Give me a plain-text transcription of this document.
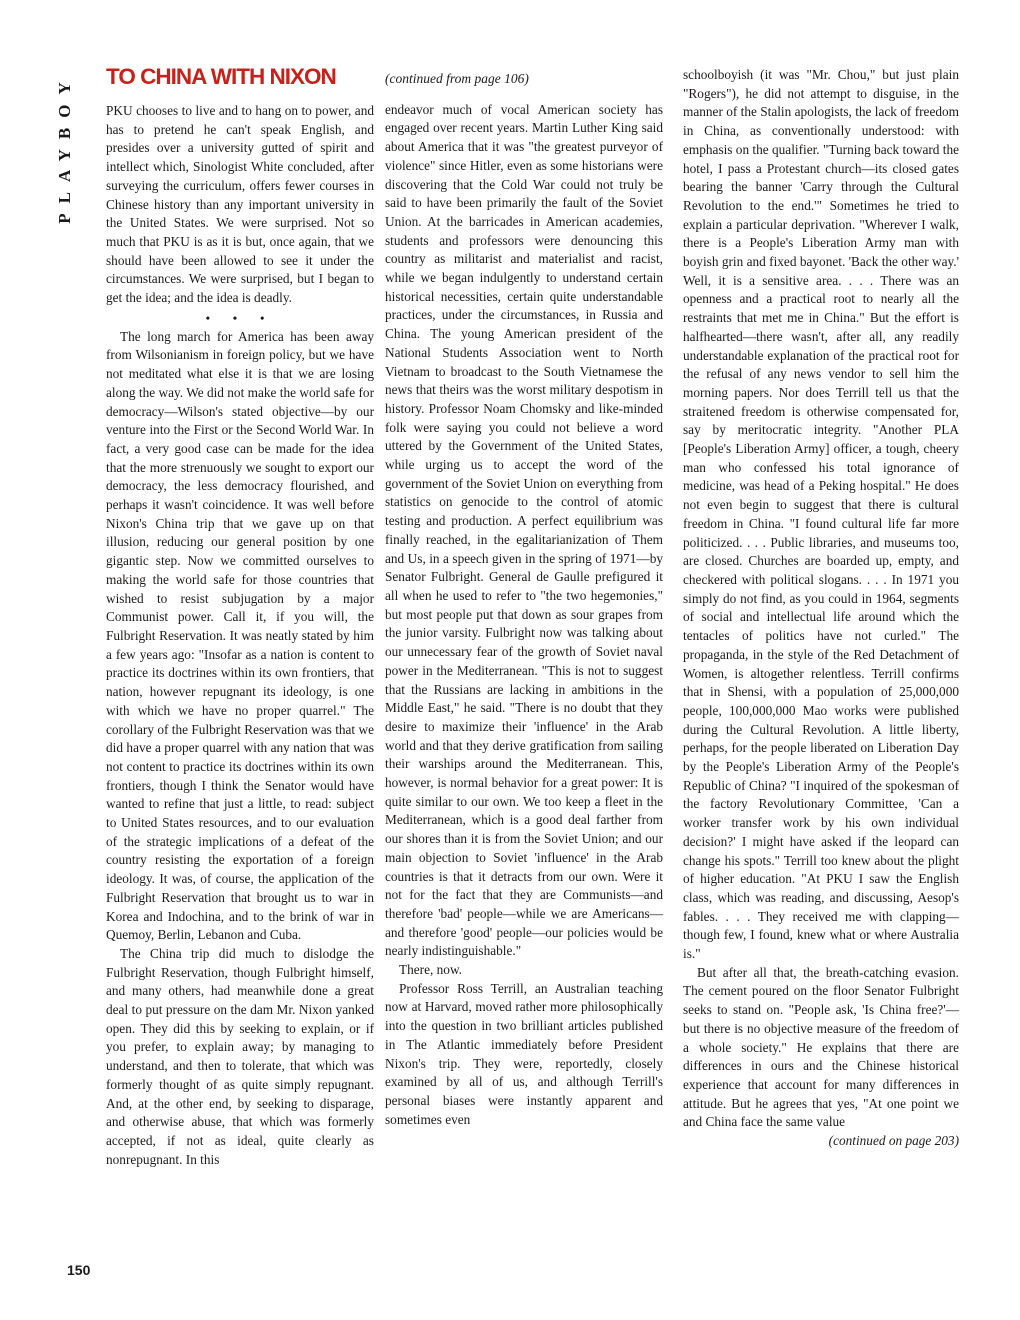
PLAYBOY TO CHINA WITH NIXON

PKU chooses to live and to hang on to power, and has to pretend he can't speak English, and presides over a university gutted of spirit and intellect which, Sinologist White concluded, after surveying the curriculum, offers fewer courses in Chinese history than any important university in the United States. We were surprised. Not so much that PKU is as it is but, once again, that we should have been allowed to see it under the circumstances. We were surprised, but I began to get the idea; and the idea is deadly.

• • •

The long march for America has been away from Wilsonianism in foreign policy, but we have not meditated what else it is that we are losing along the way. We did not make the world safe for democracy—Wilson's stated objective—by our venture into the First or the Second World War. In fact, a very good case can be made for the idea that the more strenuously we sought to export our democracy, the less democracy flourished, and perhaps it wasn't coincidence. It was well before Nixon's China trip that we gave up on that illusion, reducing our general position by one gigantic step. Now we committed ourselves to making the world safe for those countries that wished to resist subjugation by a major Communist power. Call it, if you will, the Fulbright Reservation. It was neatly stated by him a few years ago: "Insofar as a nation is content to practice its doctrines within its own frontiers, that nation, however repugnant its ideology, is one with which we have no proper quarrel." The corollary of the Fulbright Reservation was that we did have a proper quarrel with any nation that was not content to practice its doctrines within its own frontiers, though I think the Senator would have wanted to refine that just a little, to read: subject to United States resources, and to our evaluation of the strategic implications of a defeat of the country resisting the exportation of a foreign ideology. It was, of course, the application of the Fulbright Reservation that brought us to war in Korea and Indochina, and to the brink of war in Quemoy, Berlin, Lebanon and Cuba.

The China trip did much to dislodge the Fulbright Reservation, though Fulbright himself, and many others, had meanwhile done a great deal to put pressure on the dam Mr. Nixon yanked open. They did this by seeking to explain, or if you prefer, to explain away; by managing to understand, and then to tolerate, that which was formerly thought of as quite simply repugnant. And, at the other end, by seeking to disparage, and otherwise abuse, that which was formerly accepted, if not as ideal, quite clearly as nonrepugnant. In this

(continued from page 106)

endeavor much of vocal American society has engaged over recent years. Martin Luther King said about America that it was "the greatest purveyor of violence" since Hitler, even as some historians were discovering that the Cold War could not truly be said to have been primarily the fault of the Soviet Union. At the barricades in American academies, students and professors were denouncing this country as militarist and materialist and racist, while we began indulgently to understand certain historical necessities, certain quite understandable practices, under the circumstances, in Russia and China. The young American president of the National Students Association went to North Vietnam to broadcast to the South Vietnamese the news that theirs was the worst military despotism in history. Professor Noam Chomsky and like-minded folk were saying you could not believe a word uttered by the Government of the United States, while urging us to accept the word of the government of the Soviet Union on everything from statistics on genocide to the control of atomic testing and production. A perfect equilibrium was finally reached, in the egalitarianization of Them and Us, in a speech given in the spring of 1971—by Senator Fulbright. General de Gaulle prefigured it all when he used to refer to "the two hegemonies," but most people put that down as sour grapes from the junior varsity. Fulbright now was talking about our unnecessary fear of the growth of Soviet naval power in the Mediterranean. "This is not to suggest that the Russians are lacking in ambitions in the Middle East," he said. "There is no doubt that they desire to maximize their 'influence' in the Arab world and that they derive gratification from sailing their warships around the Mediterranean. This, however, is normal behavior for a great power: It is quite similar to our own. We too keep a fleet in the Mediterranean, which is a good deal farther from our shores than it is from the Soviet Union; and our main objection to Soviet 'influence' in the Arab countries is that it detracts from our own. Were it not for the fact that they are Communists—and therefore 'bad' people—while we are Americans—and therefore 'good' people—our policies would be nearly indistinguishable."

There, now.

Professor Ross Terrill, an Australian teaching now at Harvard, moved rather more philosophically into the question in two brilliant articles published in The Atlantic immediately before President Nixon's trip. They were, reportedly, closely examined by all of us, and although Terrill's personal biases were instantly apparent and sometimes even

schoolboyish (it was "Mr. Chou," but just plain "Rogers"), he did not attempt to disguise, in the manner of the Stalin apologists, the lack of freedom in China, as conventionally understood: with emphasis on the qualifier. "Turning back toward the hotel, I pass a Protestant church—its closed gates bearing the banner 'Carry through the Cultural Revolution to the end.'" Sometimes he tried to explain a particular deprivation. "Wherever I walk, there is a People's Liberation Army man with boyish grin and fixed bayonet. 'Back the other way.' Well, it is a sensitive area. . . . There was an openness and a practical root to nearly all the restraints that met me in China." But the effort is halfhearted—there wasn't, after all, any readily understandable explanation of the practical root for the refusal of any news vendor to sell him the morning papers. Nor does Terrill tell us that the straitened freedom is otherwise compensated for, say by meritocratic integrity. "Another PLA [People's Liberation Army] officer, a tough, cheery man who confessed his total ignorance of medicine, was head of a Peking hospital." He does not even begin to suggest that there is cultural freedom in China. "I found cultural life far more politicized. . . . Public libraries, and museums too, are closed. Churches are boarded up, empty, and checkered with political slogans. . . . In 1971 you simply do not find, as you could in 1964, segments of social and intellectual life around which the tentacles of politics have not curled." The propaganda, in the style of the Red Detachment of Women, is altogether relentless. Terrill confirms that in Shensi, with a population of 25,000,000 people, 100,000,000 Mao works were published during the Cultural Revolution. A little liberty, perhaps, for the people liberated on Liberation Day by the People's Liberation Army of the People's Republic of China? "I inquired of the spokesman of the factory Revolutionary Committee, 'Can a worker transfer work by his own individual decision?' I might have asked if the leopard can change his spots." Terrill too knew about the plight of higher education. "At PKU I saw the English class, which was reading, and discussing, Aesop's fables. . . . They received me with clapping—though few, I found, knew what or where Australia is."

But after all that, the breath-catching evasion. The cement poured on the floor Senator Fulbright seeks to stand on. "People ask, 'Is China free?'—but there is no objective measure of the freedom of a whole society." He explains that there are differences in ours and the Chinese historical experience that account for many differences in attitude. But he agrees that yes, "At one point we and China face the same value

(continued on page 203)
150
